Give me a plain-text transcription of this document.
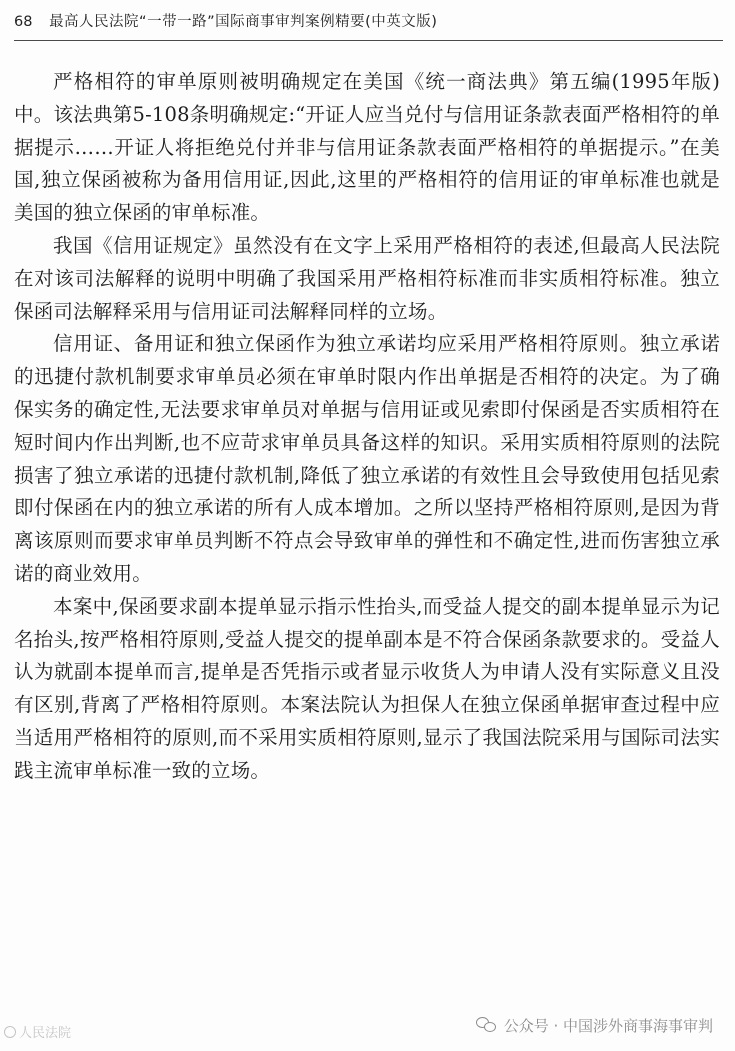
68 最高人民法院“一带一路”国际商事审判案例精要(中英文版)

严格相符的审单原则被明确规定在美国《统一商法典》第五编(1995年版)中。该法典第5-108条明确规定:“开证人应当兑付与信用证条款表面严格相符的单据提示……开证人将拒绝兑付并非与信用证条款表面严格相符的单据提示。”在美国,独立保函被称为备用信用证,因此,这里的严格相符的信用证的审单标准也就是美国的独立保函的审单标准。

我国《信用证规定》虽然没有在文字上采用严格相符的表述,但最高人民法院在对该司法解释的说明中明确了我国采用严格相符标准而非实质相符标准。独立保函司法解释采用与信用证司法解释同样的立场。

信用证、备用证和独立保函作为独立承诺均应采用严格相符原则。独立承诺的迅捷付款机制要求审单员必须在审单时限内作出单据是否相符的决定。为了确保实务的确定性,无法要求审单员对单据与信用证或见索即付保函是否实质相符在短时间内作出判断,也不应苛求审单员具备这样的知识。采用实质相符原则的法院损害了独立承诺的迅捷付款机制,降低了独立承诺的有效性且会导致使用包括见索即付保函在内的独立承诺的所有人成本增加。之所以坚持严格相符原则,是因为背离该原则而要求审单员判断不符点会导致审单的弹性和不确定性,进而伤害独立承诺的商业效用。

本案中,保函要求副本提单显示指示性抬头,而受益人提交的副本提单显示为记名抬头,按严格相符原则,受益人提交的提单副本是不符合保函条款要求的。受益人认为就副本提单而言,提单是否凭指示或者显示收货人为申请人没有实际意义且没有区别,背离了严格相符原则。本案法院认为担保人在独立保函单据审查过程中应当适用严格相符的原则,而不采用实质相符原则,显示了我国法院采用与国际司法实践主流审单标准一致的立场。

人民法院	公众号 · 中国涉外商事海事审判
